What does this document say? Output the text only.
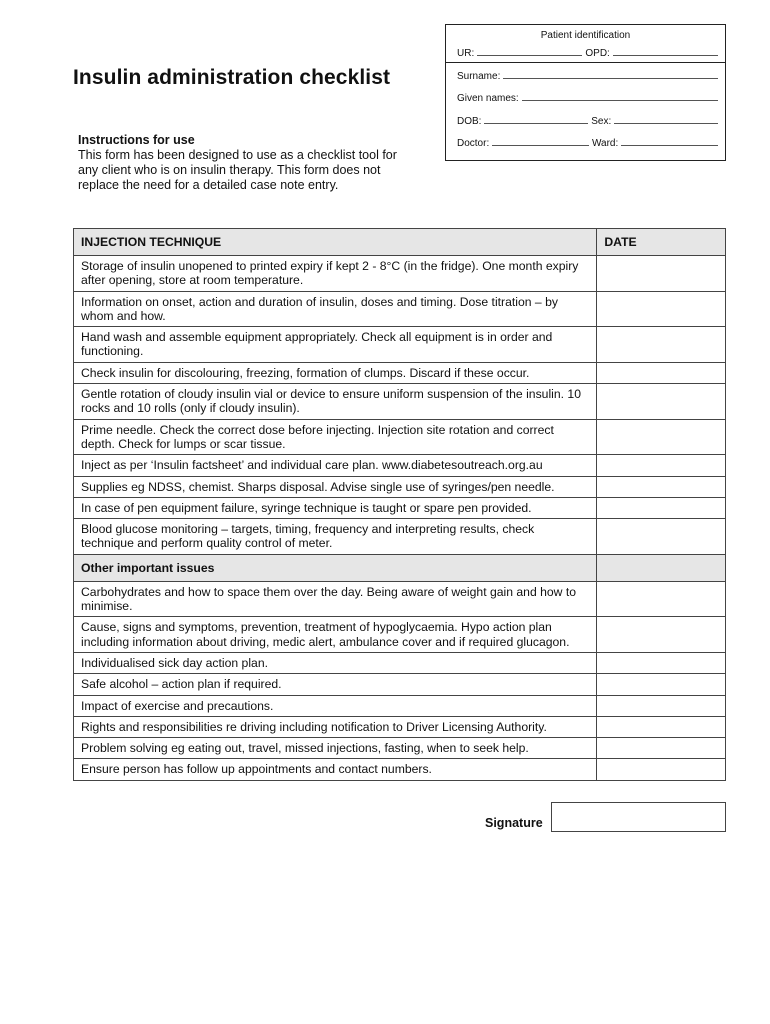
Insulin administration checklist
Instructions for use
This form has been designed to use as a checklist tool for any client who is on insulin therapy. This form does not replace the need for a detailed case note entry.
Patient identification
UR:	OPD:
Surname:
Given names:
DOB:	Sex:
Doctor:	Ward:
INJECTION TECHNIQUE	DATE
Storage of insulin unopened to printed expiry if kept 2 - 8°C (in the fridge). One month expiry after opening, store at room temperature.	
Information on onset, action and duration of insulin, doses and timing. Dose titration – by whom and how.	
Hand wash and assemble equipment appropriately. Check all equipment is in order and functioning.	
Check insulin for discolouring, freezing, formation of clumps. Discard if these occur.	
Gentle rotation of cloudy insulin vial or device to ensure uniform suspension of the insulin. 10 rocks and 10 rolls (only if cloudy insulin).	
Prime needle. Check the correct dose before injecting. Injection site rotation and correct depth. Check for lumps or scar tissue.	
Inject as per ‘Insulin factsheet’ and individual care plan. www.diabetesoutreach.org.au	
Supplies eg NDSS, chemist. Sharps disposal. Advise single use of syringes/pen needle.	
In case of pen equipment failure, syringe technique is taught or spare pen provided.	
Blood glucose monitoring – targets, timing, frequency and interpreting results, check technique and perform quality control of meter.	
Other important issues	
Carbohydrates and how to space them over the day. Being aware of weight gain and how to minimise.	
Cause, signs and symptoms, prevention, treatment of hypoglycaemia. Hypo action plan including information about driving, medic alert, ambulance cover and if required glucagon.	
Individualised sick day action plan.	
Safe alcohol – action plan if required.	
Impact of exercise and precautions.	
Rights and responsibilities re driving including notification to Driver Licensing Authority.	
Problem solving eg eating out, travel, missed injections, fasting, when to seek help.	
Ensure person has follow up appointments and contact numbers.	
Signature
